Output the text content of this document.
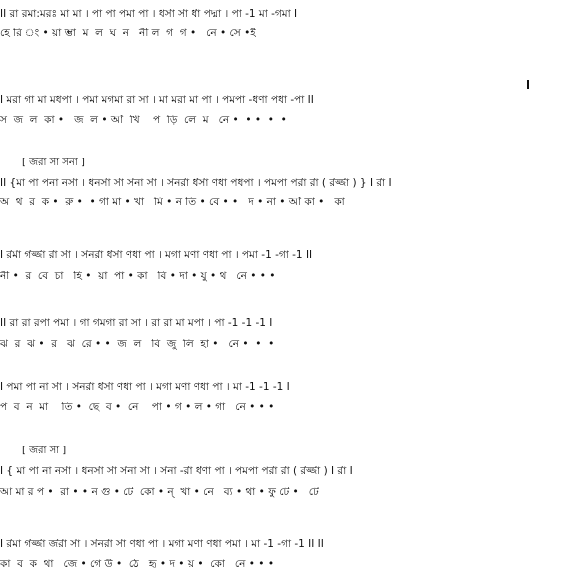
II রা রমা:মরঃ মা মা । পা পা পমা পা । ধর্সা র্সা র্ধা পদ্মা । পা -1 মা -গমা I
হে রি ং • য়া ম্ভা  ম  ল  ঘ  ন   নী ল  গ  গ •   নে • সে •ই
I মরা গা মা মধপা । পমা মগমা রা সা । মা মরা মা পা । পমপা -ধণা পধা -পা II
স  জ  ল  কা •   জ  ল • আঁ  খি    প  ড়ি  লে  ম   নে •  • •  •  •
[ র্জর্রা র্সা র্সনা ]
II {মা পা পনা নর্সা । ধনর্সা র্সা র্সনা র্সা । র্সনর্রা র্ধর্সা ণধা পধপা । পমপা পর্রা র্রা ( র্রর্জ্জা ) } I র্রা I
অ  থ  র  ক •  রু •  • গা মা • খা   মি • ন তি • বে • •   দ • না • আঁ কা •   কা
I র্রর্মা র্গর্জ্জা র্রা র্সা । র্সনর্রা র্ধর্সা ণধা পা । মগা মণা ণধা পা । পমা -1 -গা -1 II
নী •  র  বে  চা   হি •  য়া  পা • কা   বি • দা • যু • থ   নে • • •
II রা রা রপা পমা । গা গমগা রা সা । রা রা মা মপা । পা -1 -1 -1 I
ঝ  র  ঝ •  র   ঝ  রে • •  জ  ল   বি  জু  লি  হা •   নে •  •  •
I পমা পা না র্সা । র্সনর্রা র্ধর্সা ণধা পা । মগা মণা ণধা পা । মা -1 -1 -1 I
প  ব  ন  মা    তি •  ছে  ব •  নে    পা • গ • ল • গা   নে • • •
[ র্জর্রা র্সা ]
I { মা পা না নর্সা । ধনর্সা র্সা র্সনা র্সা । র্সনা -র্রা র্ধণা পা । পমপা পর্রা র্রা ( র্রর্জ্জা ) I র্রা I
আ মা র প •  রা • • ন গু • টে  কো • ন্  খা • নে   ব্য • থা • ফু টে •   টে
I র্রমা র্গর্জ্জা র্জর্রা র্সা । র্সনর্রা র্সা ণধা পা । মগা মণা ণধা পমা । মা -1 -গা -1 II II
কা  ব  ক  থা   জে • গে উ •  ঠে   হৃ • দ • য় •  কো   নে • • •
